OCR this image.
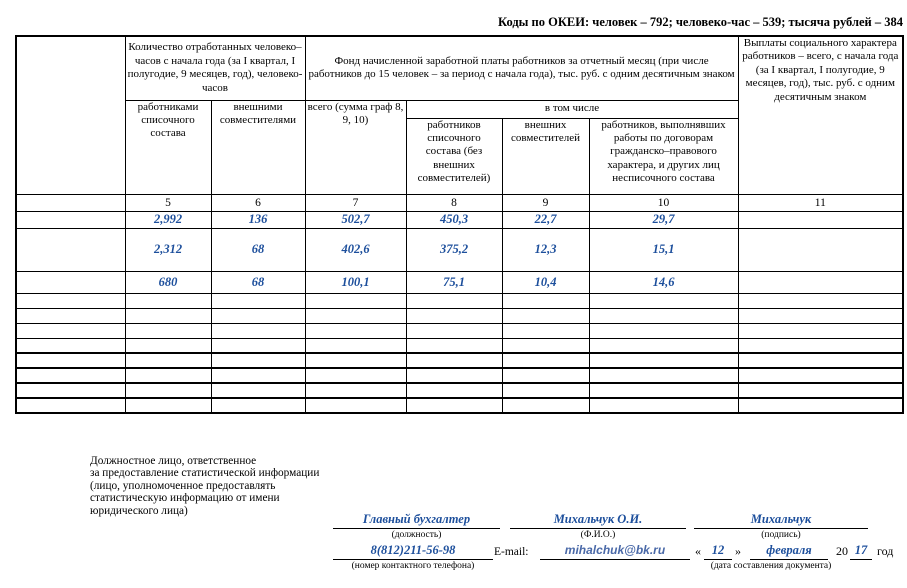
Коды по ОКЕИ: человек – 792; человеко-час – 539; тысяча рублей – 384
	Количество отработанных человеко–часов с начала года (за I квартал, I полугодие, 9 месяцев, год), человеко-часов		Фонд начисленной заработной платы работников за отчетный месяц (при числе работников до 15 человек – за период с начала года), тыс. руб. с одним десятичным знаком				Выплаты социального характера работников – всего, с начала года (за I квартал, I полугодие, 9 месяцев, год), тыс. руб. с одним десятичным знаком
	работниками списочного состава	внешними совместителями	всего (сумма граф 8, 9, 10)	в том числе			
				работников списочного состава (без внешних совместителей)	внешних совместителей	работников, выполнявших работы по договорам гражданско–правового характера, и других лиц несписочного состава	
	5	6	7	8	9	10	11
	2,992	136	502,7	450,3	22,7	29,7	
	2,312	68	402,6	375,2	12,3	15,1	
	680	68	100,1	75,1	10,4	14,6	

Должностное лицо, ответственное
за предоставление статистической информации
(лицо, уполномоченное предоставлять
статистическую информацию от имени
юридического лица)
Главный бухгалтер
(должность)
Михальчук О.И.
(Ф.И.О.)
Михальчук
(подпись)
8(812)211-56-98
(номер контактного телефона)
E-mail:	mihalchuk@bk.ru	« 12 »	февраля	20 17 год
(дата составления документа)
